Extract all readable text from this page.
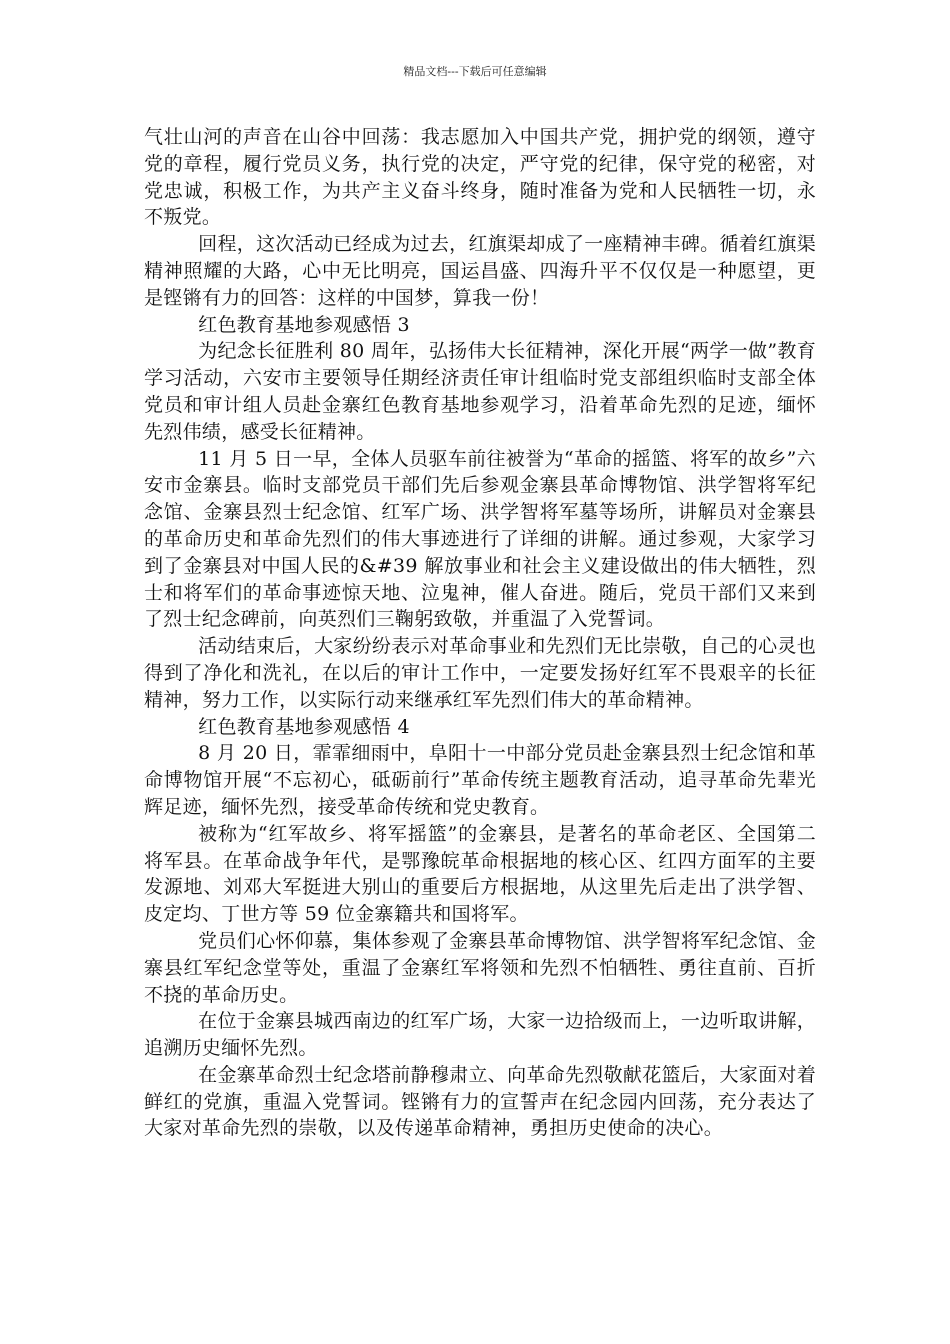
精品文档---下载后可任意编辑

气壮山河的声音在山谷中回荡：我志愿加入中国共产党，拥护党的纲领，遵守党的章程，履行党员义务，执行党的决定，严守党的纪律，保守党的秘密，对党忠诚，积极工作，为共产主义奋斗终身，随时准备为党和人民牺牲一切，永不叛党。

回程，这次活动已经成为过去，红旗渠却成了一座精神丰碑。循着红旗渠精神照耀的大路，心中无比明亮，国运昌盛、四海升平不仅仅是一种愿望，更是铿锵有力的回答：这样的中国梦，算我一份！

红色教育基地参观感悟 3

为纪念长征胜利 80 周年，弘扬伟大长征精神，深化开展“两学一做”教育学习活动，六安市主要领导任期经济责任审计组临时党支部组织临时支部全体党员和审计组人员赴金寨红色教育基地参观学习，沿着革命先烈的足迹，缅怀先烈伟绩，感受长征精神。

11 月 5 日一早，全体人员驱车前往被誉为“革命的摇篮、将军的故乡”六安市金寨县。临时支部党员干部们先后参观金寨县革命博物馆、洪学智将军纪念馆、金寨县烈士纪念馆、红军广场、洪学智将军墓等场所，讲解员对金寨县的革命历史和革命先烈们的伟大事迹进行了详细的讲解。通过参观，大家学习到了金寨县对中国人民的&#39 解放事业和社会主义建设做出的伟大牺牲，烈士和将军们的革命事迹惊天地、泣鬼神，催人奋进。随后，党员干部们又来到了烈士纪念碑前，向英烈们三鞠躬致敬，并重温了入党誓词。

活动结束后，大家纷纷表示对革命事业和先烈们无比崇敬，自己的心灵也得到了净化和洗礼，在以后的审计工作中，一定要发扬好红军不畏艰辛的长征精神，努力工作，以实际行动来继承红军先烈们伟大的革命精神。

红色教育基地参观感悟 4

8 月 20 日，霏霏细雨中，阜阳十一中部分党员赴金寨县烈士纪念馆和革命博物馆开展“不忘初心，砥砺前行”革命传统主题教育活动，追寻革命先辈光辉足迹，缅怀先烈，接受革命传统和党史教育。

被称为“红军故乡、将军摇篮”的金寨县，是著名的革命老区、全国第二将军县。在革命战争年代，是鄂豫皖革命根据地的核心区、红四方面军的主要发源地、刘邓大军挺进大别山的重要后方根据地，从这里先后走出了洪学智、皮定均、丁世方等 59 位金寨籍共和国将军。

党员们心怀仰慕，集体参观了金寨县革命博物馆、洪学智将军纪念馆、金寨县红军纪念堂等处，重温了金寨红军将领和先烈不怕牺牲、勇往直前、百折不挠的革命历史。

在位于金寨县城西南边的红军广场，大家一边拾级而上，一边听取讲解，追溯历史缅怀先烈。

在金寨革命烈士纪念塔前静穆肃立、向革命先烈敬献花篮后，大家面对着鲜红的党旗，重温入党誓词。铿锵有力的宣誓声在纪念园内回荡，充分表达了大家对革命先烈的崇敬，以及传递革命精神，勇担历史使命的决心。
